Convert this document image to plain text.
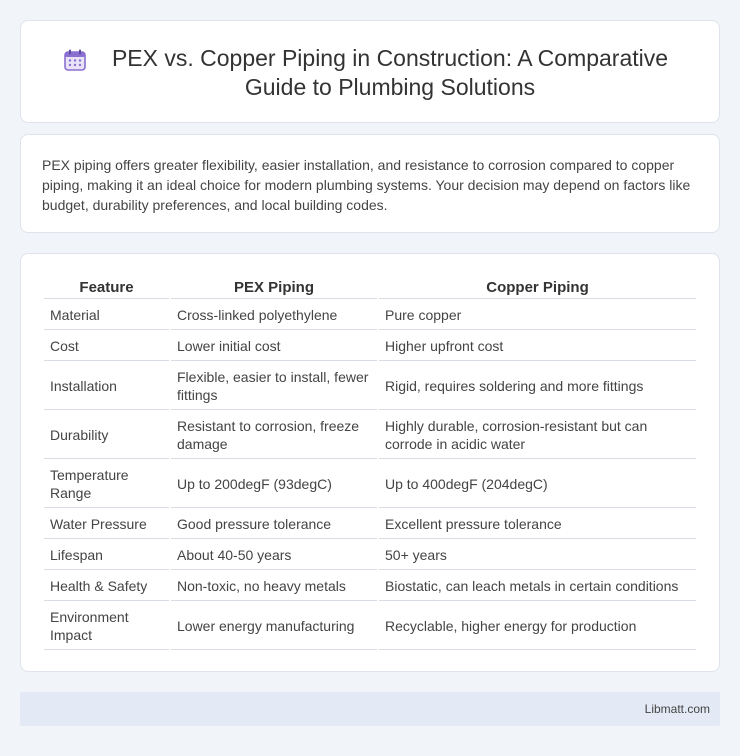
PEX vs. Copper Piping in Construction: A Comparative Guide to Plumbing Solutions

PEX piping offers greater flexibility, easier installation, and resistance to corrosion compared to copper piping, making it an ideal choice for modern plumbing systems. Your decision may depend on factors like budget, durability preferences, and local building codes.

Feature	PEX Piping	Copper Piping
Material	Cross-linked polyethylene	Pure copper
Cost	Lower initial cost	Higher upfront cost
Installation	Flexible, easier to install, fewer fittings	Rigid, requires soldering and more fittings
Durability	Resistant to corrosion, freeze damage	Highly durable, corrosion-resistant but can corrode in acidic water
Temperature Range	Up to 200degF (93degC)	Up to 400degF (204degC)
Water Pressure	Good pressure tolerance	Excellent pressure tolerance
Lifespan	About 40-50 years	50+ years
Health & Safety	Non-toxic, no heavy metals	Biostatic, can leach metals in certain conditions
Environment Impact	Lower energy manufacturing	Recyclable, higher energy for production
Libmatt.com
